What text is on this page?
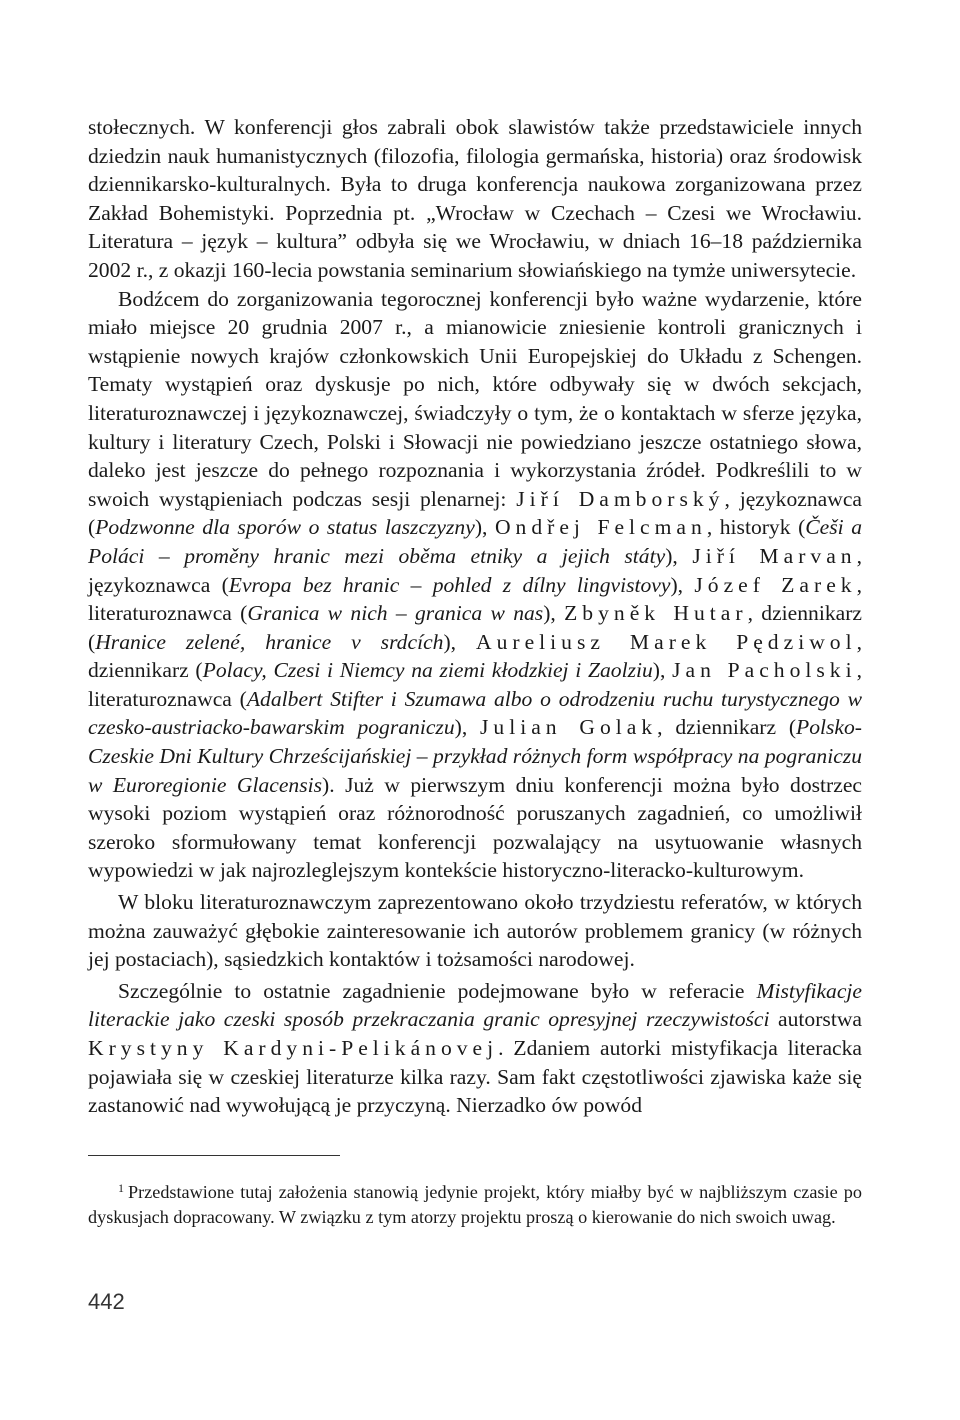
stołecznych. W konferencji głos zabrali obok slawistów także przedstawiciele innych dziedzin nauk humanistycznych (filozofia, filologia germańska, historia) oraz środowisk dziennikarsko-kulturalnych. Była to druga konferencja naukowa zorganizowana przez Zakład Bohemistyki. Poprzednia pt. „Wrocław w Czechach – Czesi we Wrocławiu. Literatura – język – kultura” odbyła się we Wrocławiu, w dniach 16–18 października 2002 r., z okazji 160-lecia powstania seminarium słowiańskiego na tymże uniwersytecie.

Bodźcem do zorganizowania tegorocznej konferencji było ważne wydarzenie, które miało miejsce 20 grudnia 2007 r., a mianowicie zniesienie kontroli granicznych i wstąpienie nowych krajów członkowskich Unii Europejskiej do Układu z Schengen. Tematy wystąpień oraz dyskusje po nich, które odbywały się w dwóch sekcjach, literaturoznawczej i językoznawczej, świadczyły o tym, że o kontaktach w sferze języka, kultury i literatury Czech, Polski i Słowacji nie powiedziano jeszcze ostatniego słowa, daleko jest jeszcze do pełnego rozpoznania i wykorzystania źródeł. Podkreślili to w swoich wystąpieniach podczas sesji plenarnej: Jiří Damborský, językoznawca (Podzwonne dla sporów o status laszczyzny), Ondřej Felcman, historyk (Češi a Poláci – proměny hranic mezi oběma etniky a jejich státy), Jiří Marvan, językoznawca (Evropa bez hranic – pohled z dílny lingvistovy), Józef Zarek, literaturoznawca (Granica w nich – granica w nas), Zbyněk Hutar, dziennikarz (Hranice zelené, hranice v srdcích), Aureliusz Marek Pędziwol, dziennikarz (Polacy, Czesi i Niemcy na ziemi kłodzkiej i Zaolziu), Jan Pacholski, literaturoznawca (Adalbert Stifter i Szumawa albo o odrodzeniu ruchu turystycznego w czesko-austriacko-bawarskim pograniczu), Julian Golak, dziennikarz (Polsko-Czeskie Dni Kultury Chrześcijańskiej – przykład różnych form współpracy na pograniczu w Euroregionie Glacensis). Już w pierwszym dniu konferencji można było dostrzec wysoki poziom wystąpień oraz różnorodność poruszanych zagadnień, co umożliwił szeroko sformułowany temat konferencji pozwalający na usytuowanie własnych wypowiedzi w jak najrozleglejszym kontekście historyczno-literacko-kulturowym.

W bloku literaturoznawczym zaprezentowano około trzydziestu referatów, w których można zauważyć głębokie zainteresowanie ich autorów problemem granicy (w różnych jej postaciach), sąsiedzkich kontaktów i tożsamości narodowej.

Szczególnie to ostatnie zagadnienie podejmowane było w referacie Mistyfikacje literackie jako czeski sposób przekraczania granic opresyjnej rzeczywistości autorstwa Krystyny Kardyni-Pelikánovej. Zdaniem autorki mistyfikacja literacka pojawiała się w czeskiej literaturze kilka razy. Sam fakt częstotliwości zjawiska każe się zastanowić nad wywołującą je przyczyną. Nierzadko ów powód

$^1$ Przedstawione tutaj założenia stanowią jedynie projekt, który miałby być w najbliższym czasie po dyskusjach dopracowany. W związku z tym atorzy projektu proszą o kierowanie do nich swoich uwag.
442
